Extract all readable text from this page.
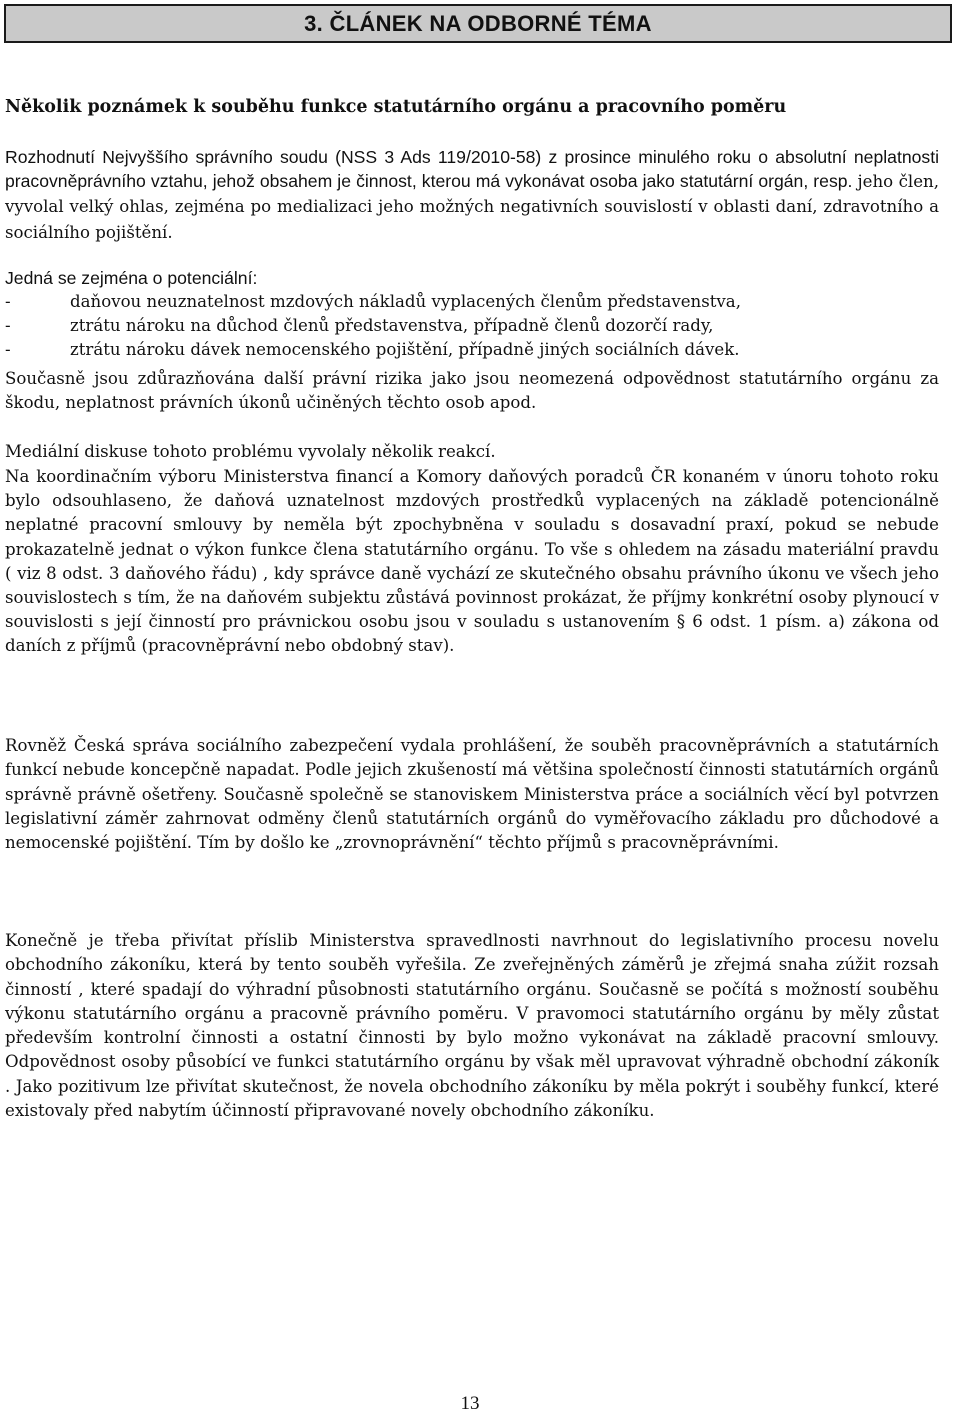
3. ČLÁNEK NA ODBORNÉ TÉMA
Několik poznámek k souběhu funkce statutárního orgánu a pracovního poměru

Rozhodnutí Nejvyššího správního soudu (NSS 3 Ads 119/2010-58) z prosince minulého roku o absolutní neplatnosti pracovněprávního vztahu, jehož obsahem je činnost, kterou má vykonávat osoba jako statutární orgán, resp. jeho člen, vyvolal velký ohlas, zejména po medializaci jeho možných negativních souvislostí v oblasti daní, zdravotního a sociálního pojištění.

Jedná se zejména o potenciální:

-	daňovou neuznatelnost mzdových nákladů vyplacených členům představenstva,
-	ztrátu nároku na důchod členů představenstva, případně členů dozorčí rady,
-	ztrátu nároku dávek nemocenského pojištění, případně jiných sociálních dávek.

Současně jsou zdůrazňována další právní rizika jako jsou neomezená odpovědnost statutárního orgánu za škodu, neplatnost právních úkonů učiněných těchto osob apod.

Mediální diskuse tohoto problému vyvolaly několik reakcí.

Na koordinačním výboru Ministerstva financí a Komory daňových poradců ČR konaném v únoru tohoto roku bylo odsouhlaseno, že daňová uznatelnost mzdových prostředků vyplacených na základě potencionálně neplatné pracovní smlouvy by neměla být zpochybněna v souladu s dosavadní praxí, pokud se nebude prokazatelně jednat o výkon funkce člena statutárního orgánu. To vše s ohledem na zásadu materiální pravdu ( viz 8 odst. 3 daňového řádu) , kdy správce daně vychází ze skutečného obsahu právního úkonu ve všech jeho souvislostech s tím, že na daňovém subjektu zůstává povinnost prokázat, že příjmy konkrétní osoby plynoucí v souvislosti s její činností pro právnickou osobu jsou v souladu s ustanovením § 6 odst. 1 písm. a) zákona od daních z příjmů (pracovněprávní nebo obdobný stav).

Rovněž Česká správa sociálního zabezpečení vydala prohlášení, že souběh pracovněprávních a statutárních funkcí nebude koncepčně napadat. Podle jejich zkušeností má většina společností činnosti statutárních orgánů správně právně ošetřeny. Současně společně se stanoviskem Ministerstva práce a sociálních věcí byl potvrzen legislativní záměr zahrnovat odměny členů statutárních orgánů do vyměřovacího základu pro důchodové a nemocenské pojištění. Tím by došlo ke „zrovnoprávnění“ těchto příjmů s pracovněprávními.

Konečně je třeba přivítat příslib Ministerstva spravedlnosti navrhnout do legislativního procesu novelu obchodního zákoníku, která by tento souběh vyřešila. Ze zveřejněných záměrů je zřejmá snaha zúžit rozsah činností , které spadají do výhradní působnosti statutárního orgánu. Současně se počítá s možností souběhu výkonu statutárního orgánu a pracovně právního poměru. V pravomoci statutárního orgánu by měly zůstat především kontrolní činnosti a ostatní činnosti by bylo možno vykonávat na základě pracovní smlouvy. Odpovědnost osoby působící ve funkci statutárního orgánu by však měl upravovat výhradně obchodní zákoník . Jako pozitivum lze přivítat skutečnost, že novela obchodního zákoníku by měla pokrýt i souběhy funkcí, které existovaly před nabytím účinností připravované novely obchodního zákoníku.

13
